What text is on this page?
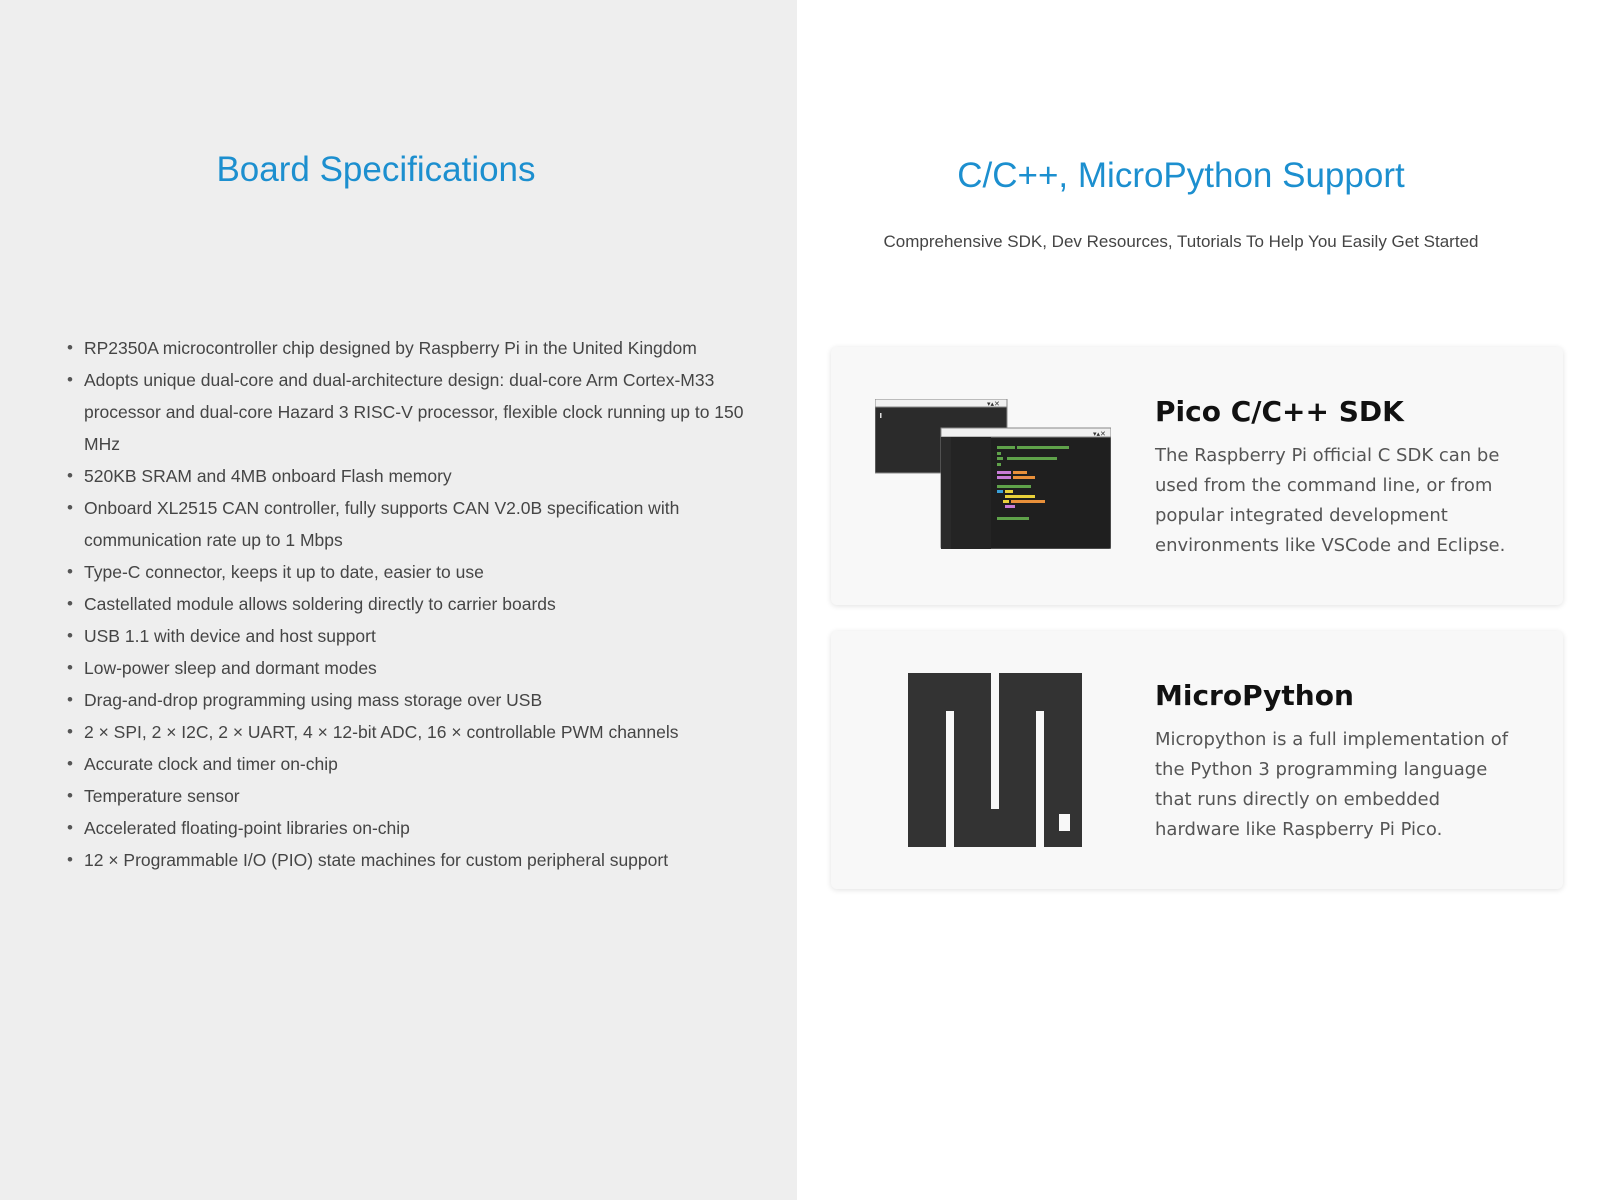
Board Specifications
• RP2350A microcontroller chip designed by Raspberry Pi in the United Kingdom
• Adopts unique dual-core and dual-architecture design: dual-core Arm Cortex-M33 processor and dual-core Hazard 3 RISC-V processor, flexible clock running up to 150 MHz
• 520KB SRAM and 4MB onboard Flash memory
• Onboard XL2515 CAN controller, fully supports CAN V2.0B specification with communication rate up to 1 Mbps
• Type-C connector, keeps it up to date, easier to use
• Castellated module allows soldering directly to carrier boards
• USB 1.1 with device and host support
• Low-power sleep and dormant modes
• Drag-and-drop programming using mass storage over USB
• 2 × SPI, 2 × I2C, 2 × UART, 4 × 12-bit ADC, 16 × controllable PWM channels
• Accurate clock and timer on-chip
• Temperature sensor
• Accelerated floating-point libraries on-chip
• 12 × Programmable I/O (PIO) state machines for custom peripheral support
C/C++, MicroPython Support

Comprehensive SDK, Dev Resources, Tutorials To Help You Easily Get Started

▾▴✕
▾▴✕
Pico C/C++ SDK

The Raspberry Pi official C SDK can be used from the command line, or from popular integrated development environments like VSCode and Eclipse.

MicroPython

Micropython is a full implementation of the Python 3 programming language that runs directly on embedded hardware like Raspberry Pi Pico.
